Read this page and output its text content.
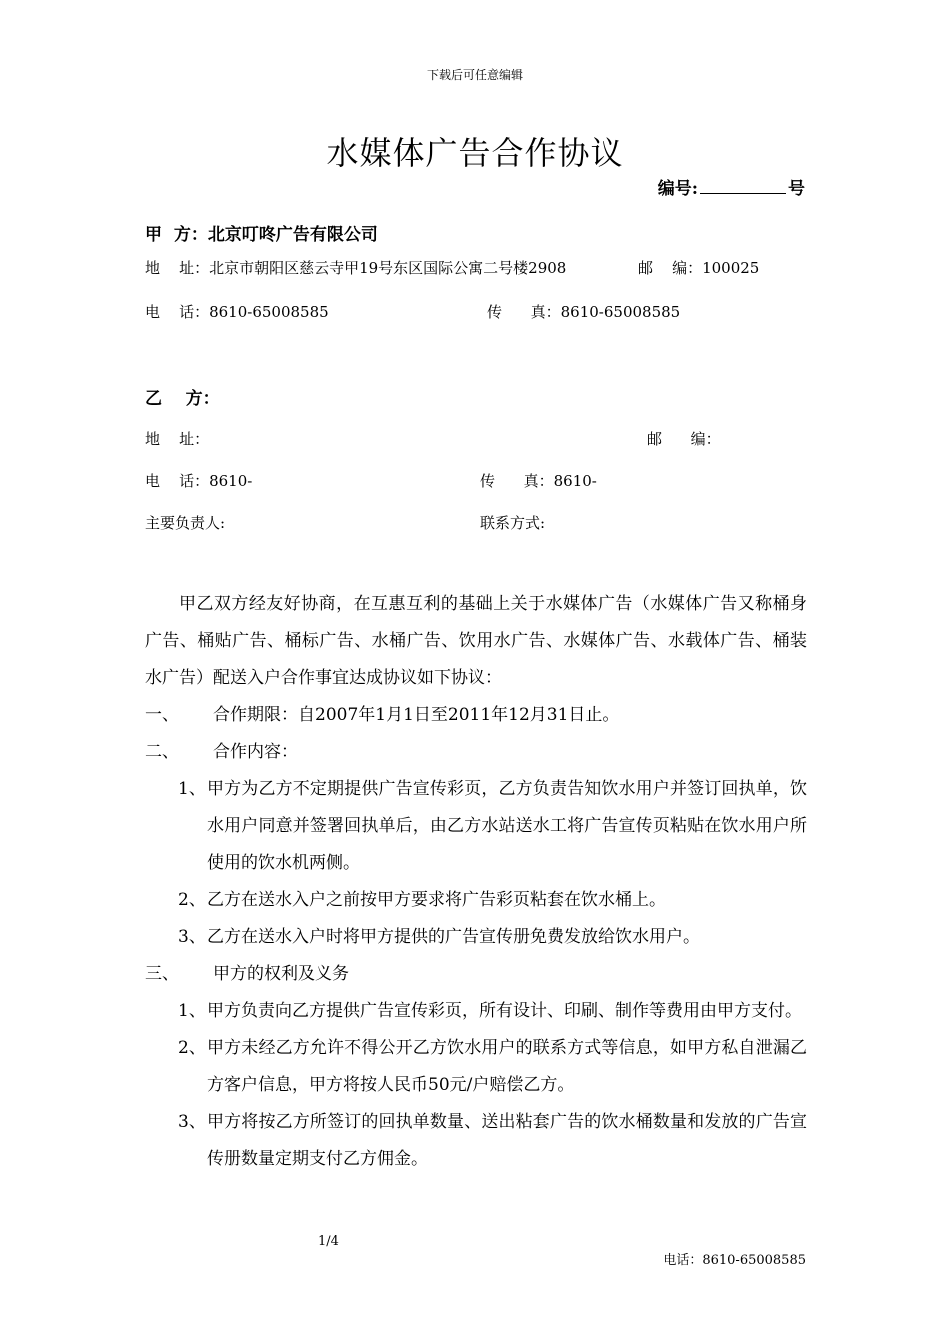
下载后可任意编辑
水媒体广告合作协议
编号:	号
甲  方：北京叮咚广告有限公司
地    址：北京市朝阳区慈云寺甲19号东区国际公寓二号楼2908	邮    编：100025
电    话：8610-65008585	传      真：8610-65008585
乙    方：
地    址：	邮      编：
电    话：8610-	传      真：8610-
主要负责人:	联系方式:
甲乙双方经友好协商，在互惠互利的基础上关于水媒体广告（水媒体广告又称桶身广告、桶贴广告、桶标广告、水桶广告、饮用水广告、水媒体广告、水载体广告、桶装水广告）配送入户合作事宜达成协议如下协议：
一、 合作期限：自2007年1月1日至2011年12月31日止。
二、 合作内容：
1、 甲方为乙方不定期提供广告宣传彩页，乙方负责告知饮水用户并签订回执单，饮水用户同意并签署回执单后，由乙方水站送水工将广告宣传页粘贴在饮水用户所使用的饮水机两侧。
2、 乙方在送水入户之前按甲方要求将广告彩页粘套在饮水桶上。
3、 乙方在送水入户时将甲方提供的广告宣传册免费发放给饮水用户。
三、 甲方的权利及义务
1、 甲方负责向乙方提供广告宣传彩页，所有设计、印刷、制作等费用由甲方支付。
2、 甲方未经乙方允许不得公开乙方饮水用户的联系方式等信息，如甲方私自泄漏乙方客户信息，甲方将按人民币50元/户赔偿乙方。
3、 甲方将按乙方所签订的回执单数量、送出粘套广告的饮水桶数量和发放的广告宣传册数量定期支付乙方佣金。
1/4
电话：8610-65008585
